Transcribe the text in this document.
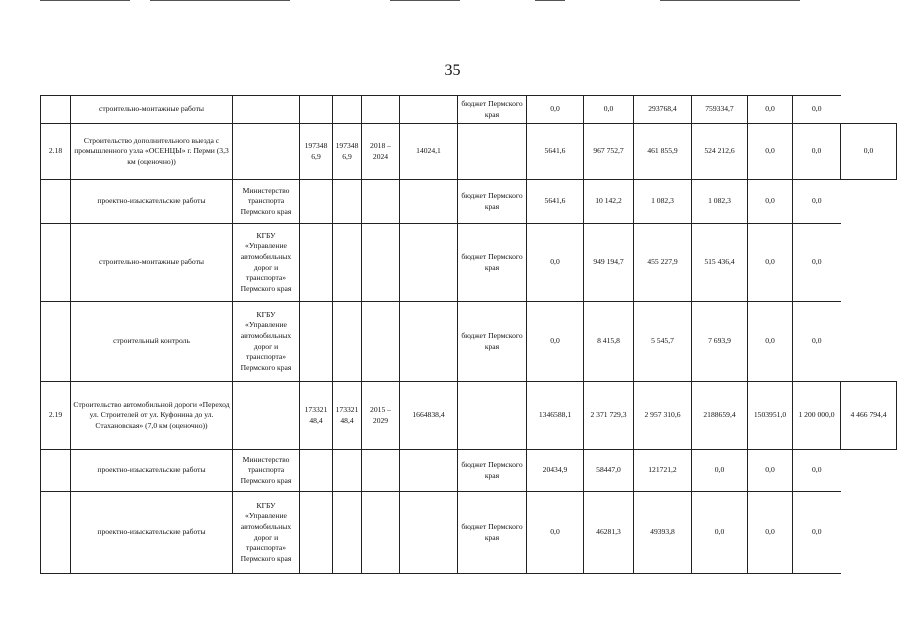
35
	строительно-монтажные работы						бюджет Пермского края	0,0	0,0	293768,4	759334,7	0,0	0,0	
2.18	Строительство дополнительного выезда с промышленного узла «ОСЕНЦЫ» г. Перми (3,3 км (оценочно))		197348 6,9	197348 6,9	2018 – 2024	14024,1		5641,6	967 752,7	461 855,9	524 212,6	0,0	0,0	0,0
	проектно-изыскательские работы	Министерство транспорта Пермского края					бюджет Пермского края	5641,6	10 142,2	1 082,3	1 082,3	0,0	0,0	
	строительно-монтажные работы	КГБУ «Управление автомобильных дорог и транспорта» Пермского края					бюджет Пермского края	0,0	949 194,7	455 227,9	515 436,4	0,0	0,0	
	строительный контроль	КГБУ «Управление автомобильных дорог и транспорта» Пермского края					бюджет Пермского края	0,0	8 415,8	5 545,7	7 693,9	0,0	0,0	
2.19	Строительство автомобильной дороги «Переход ул. Строителей от ул. Куфонина до ул. Стахановская» (7,0 км (оценочно))		173321 48,4	173321 48,4	2015 – 2029	1664838,4		1346588,1	2 371 729,3	2 957 310,6	2188659,4	1503951,0	1 200 000,0	4 466 794,4
	проектно-изыскательские работы	Министерство транспорта Пермского края					бюджет Пермского края	20434,9	58447,0	121721,2	0,0	0,0	0,0	
	проектно-изыскательские работы	КГБУ «Управление автомобильных дорог и транспорта» Пермского края					бюджет Пермского края	0,0	46281,3	49393,8	0,0	0,0	0,0	
